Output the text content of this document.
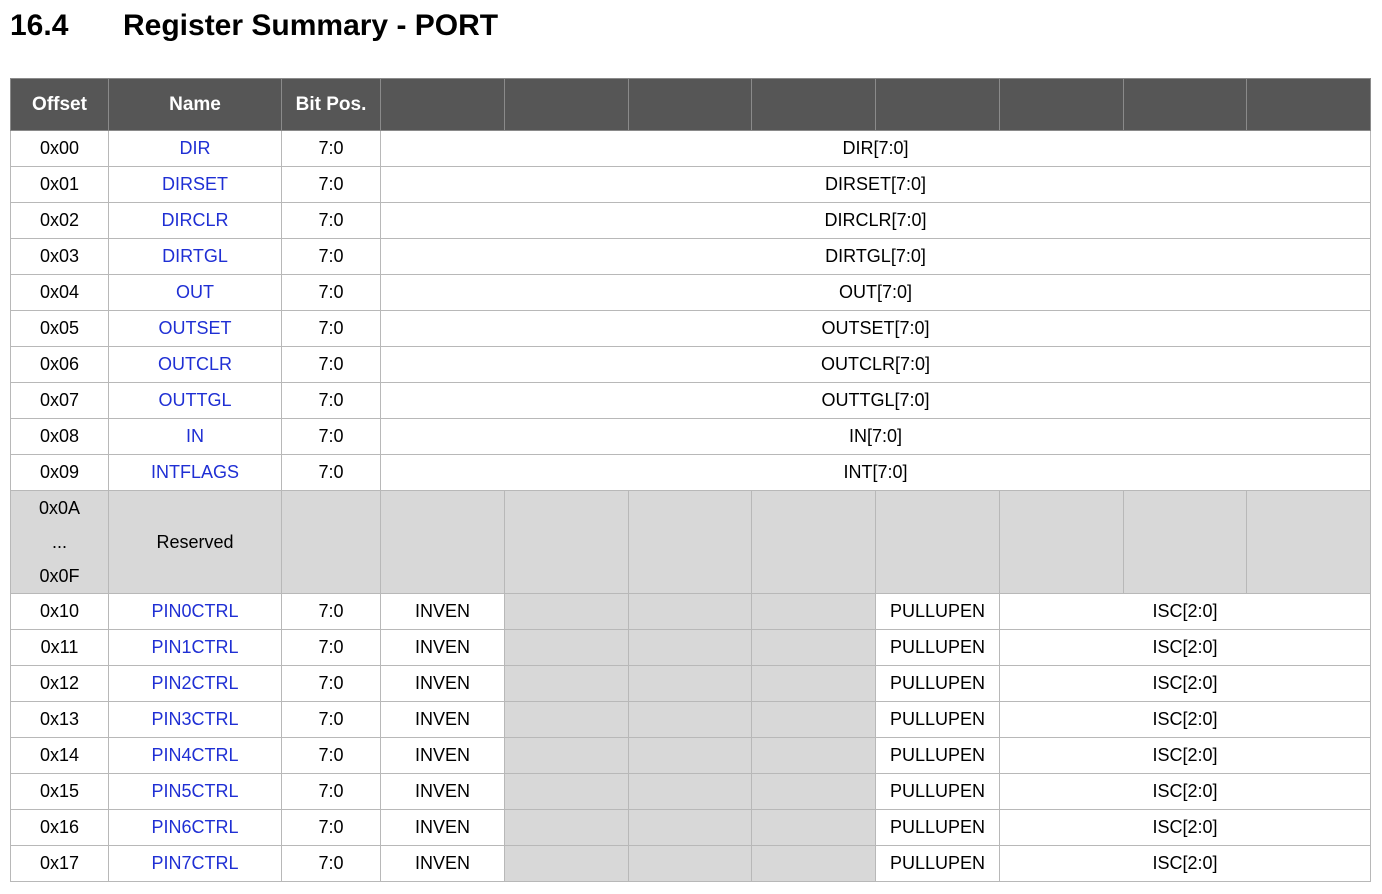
16.4	Register Summary - PORT
Offset	Name	Bit Pos.								
0x00	DIR	7:0	DIR[7:0]							
0x01	DIRSET	7:0	DIRSET[7:0]							
0x02	DIRCLR	7:0	DIRCLR[7:0]							
0x03	DIRTGL	7:0	DIRTGL[7:0]							
0x04	OUT	7:0	OUT[7:0]							
0x05	OUTSET	7:0	OUTSET[7:0]							
0x06	OUTCLR	7:0	OUTCLR[7:0]							
0x07	OUTTGL	7:0	OUTTGL[7:0]							
0x08	IN	7:0	IN[7:0]							
0x09	INTFLAGS	7:0	INT[7:0]							

0x0A
...
0x0F	Reserved									
0x10	PIN0CTRL	7:0	INVEN				PULLUPEN	ISC[2:0]		
0x11	PIN1CTRL	7:0	INVEN				PULLUPEN	ISC[2:0]		
0x12	PIN2CTRL	7:0	INVEN				PULLUPEN	ISC[2:0]		
0x13	PIN3CTRL	7:0	INVEN				PULLUPEN	ISC[2:0]		
0x14	PIN4CTRL	7:0	INVEN				PULLUPEN	ISC[2:0]		
0x15	PIN5CTRL	7:0	INVEN				PULLUPEN	ISC[2:0]		
0x16	PIN6CTRL	7:0	INVEN				PULLUPEN	ISC[2:0]		
0x17	PIN7CTRL	7:0	INVEN				PULLUPEN	ISC[2:0]		
